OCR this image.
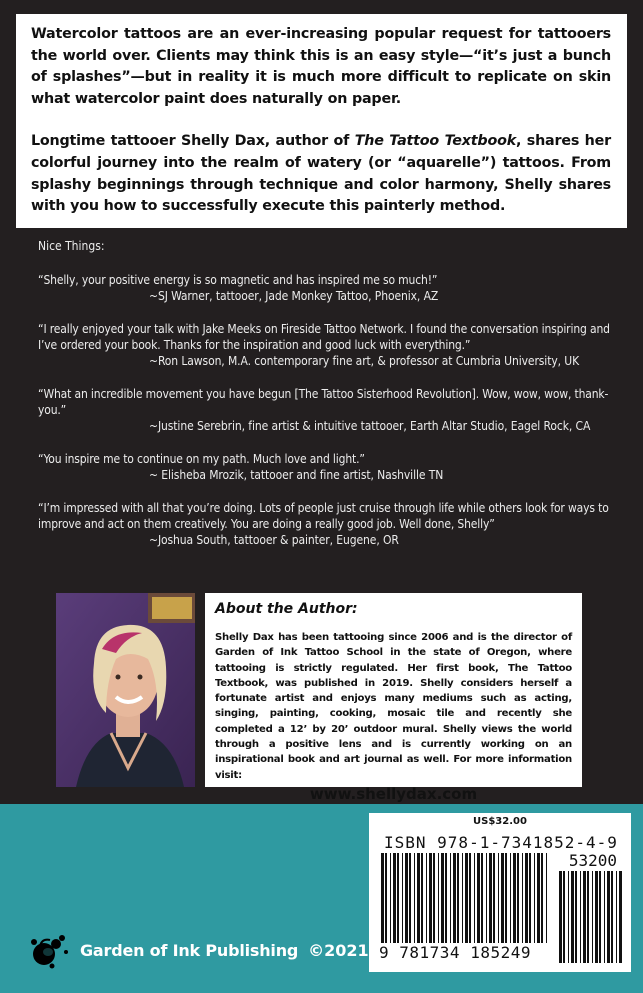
Watercolor tattoos are an ever-increasing popular request for tattooers the world over. Clients may think this is an easy style—“it’s just a bunch of splashes”—but in reality it is much more difficult to replicate on skin what watercolor paint does naturally on paper.

Longtime tattooer Shelly Dax, author of The Tattoo Textbook, shares her colorful journey into the realm of watery (or “aquarelle”) tattoos. From splashy beginnings through technique and color harmony, Shelly shares with you how to successfully execute this painterly method.

Nice Things:
“Shelly, your positive energy is so magnetic and has inspired me so much!”
~SJ Warner, tattooer, Jade Monkey Tattoo, Phoenix, AZ
“I really enjoyed your talk with Jake Meeks on Fireside Tattoo Network. I found the conversation inspiring and I’ve ordered your book. Thanks for the inspiration and good luck with everything.”
~Ron Lawson, M.A. contemporary fine art, & professor at Cumbria University, UK
“What an incredible movement you have begun [The Tattoo Sisterhood Revolution]. Wow, wow, wow, thank-you.”
~Justine Serebrin, fine artist & intuitive tattooer, Earth Altar Studio, Eagel Rock, CA
“You inspire me to continue on my path. Much love and light.”
~ Elisheba Mrozik, tattooer and fine artist, Nashville TN
“I’m impressed with all that you’re doing. Lots of people just cruise through life while others look for ways to improve and act on them creatively. You are doing a really good job. Well done, Shelly”
~Joshua South, tattooer & painter, Eugene, OR
About the Author:
Shelly Dax has been tattooing since 2006 and is the director of Garden of Ink Tattoo School in the state of Oregon, where tattooing is strictly regulated. Her first book, The Tattoo Textbook, was published in 2019. Shelly considers herself a fortunate artist and enjoys many mediums such as acting, singing, painting, cooking, mosaic tile and recently she completed a 12’ by 20’ outdoor mural. Shelly views the world through a positive lens and is currently working on an inspirational book and art journal as well. For more information visit:
www.shellydax.com
US$32.00
ISBN 978-1-7341852-4-9
53200
9 781734 185249
Garden of Ink Publishing ©2021
